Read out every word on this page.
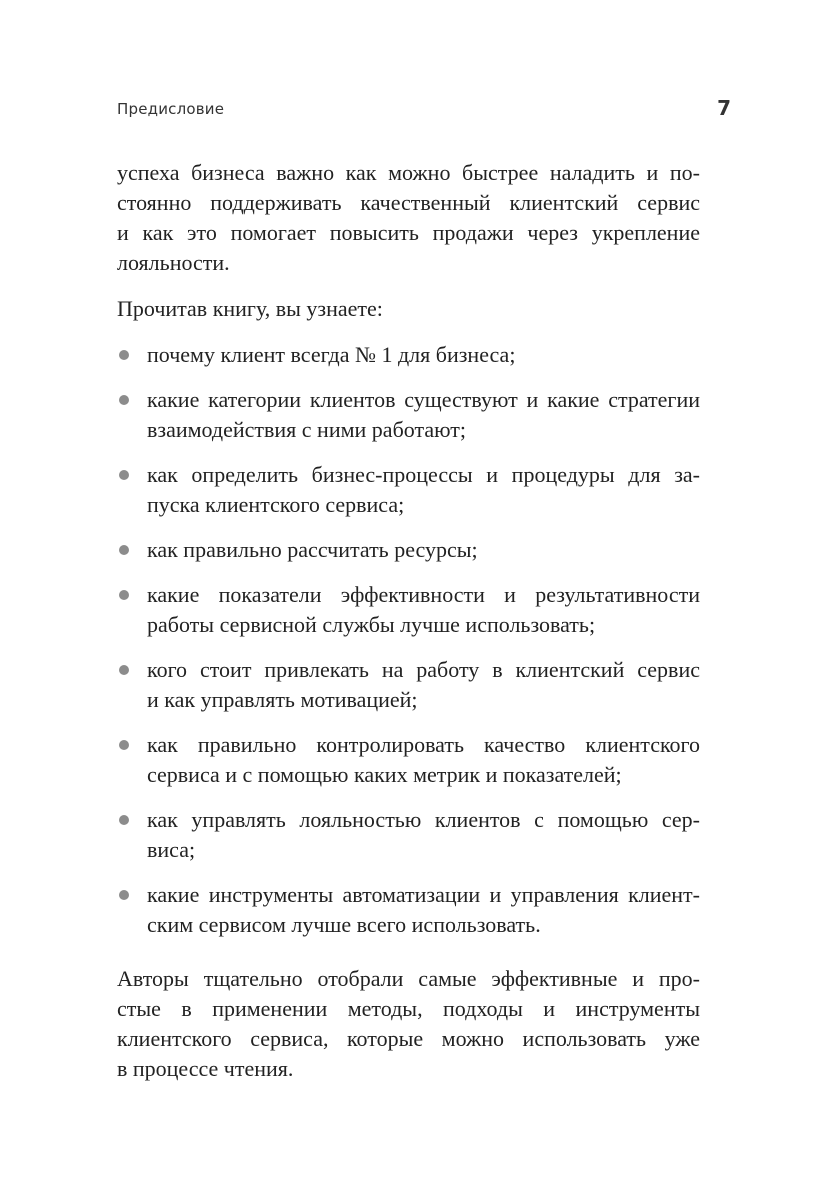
Предисловие	7

успеха бизнеса важно как можно быстрее наладить и по-
стоянно поддерживать качественный клиентский сервис
и как это помогает повысить продажи через укрепление
лояльности.

Прочитав книгу, вы узнаете:

почему клиент всегда № 1 для бизнеса;
какие категории клиентов существуют и какие стратегии
взаимодействия с ними работают;
как определить бизнес-процессы и процедуры для за-
пуска клиентского сервиса;
как правильно рассчитать ресурсы;
какие показатели эффективности и результативности
работы сервисной службы лучше использовать;
кого стоит привлекать на работу в клиентский сервис
и как управлять мотивацией;
как правильно контролировать качество клиентского
сервиса и с помощью каких метрик и показателей;
как управлять лояльностью клиентов с помощью сер-
виса;
какие инструменты автоматизации и управления клиент-
ским сервисом лучше всего использовать.

Авторы тщательно отобрали самые эффективные и про-
стые в применении методы, подходы и инструменты
клиентского сервиса, которые можно использовать уже
в процессе чтения.
